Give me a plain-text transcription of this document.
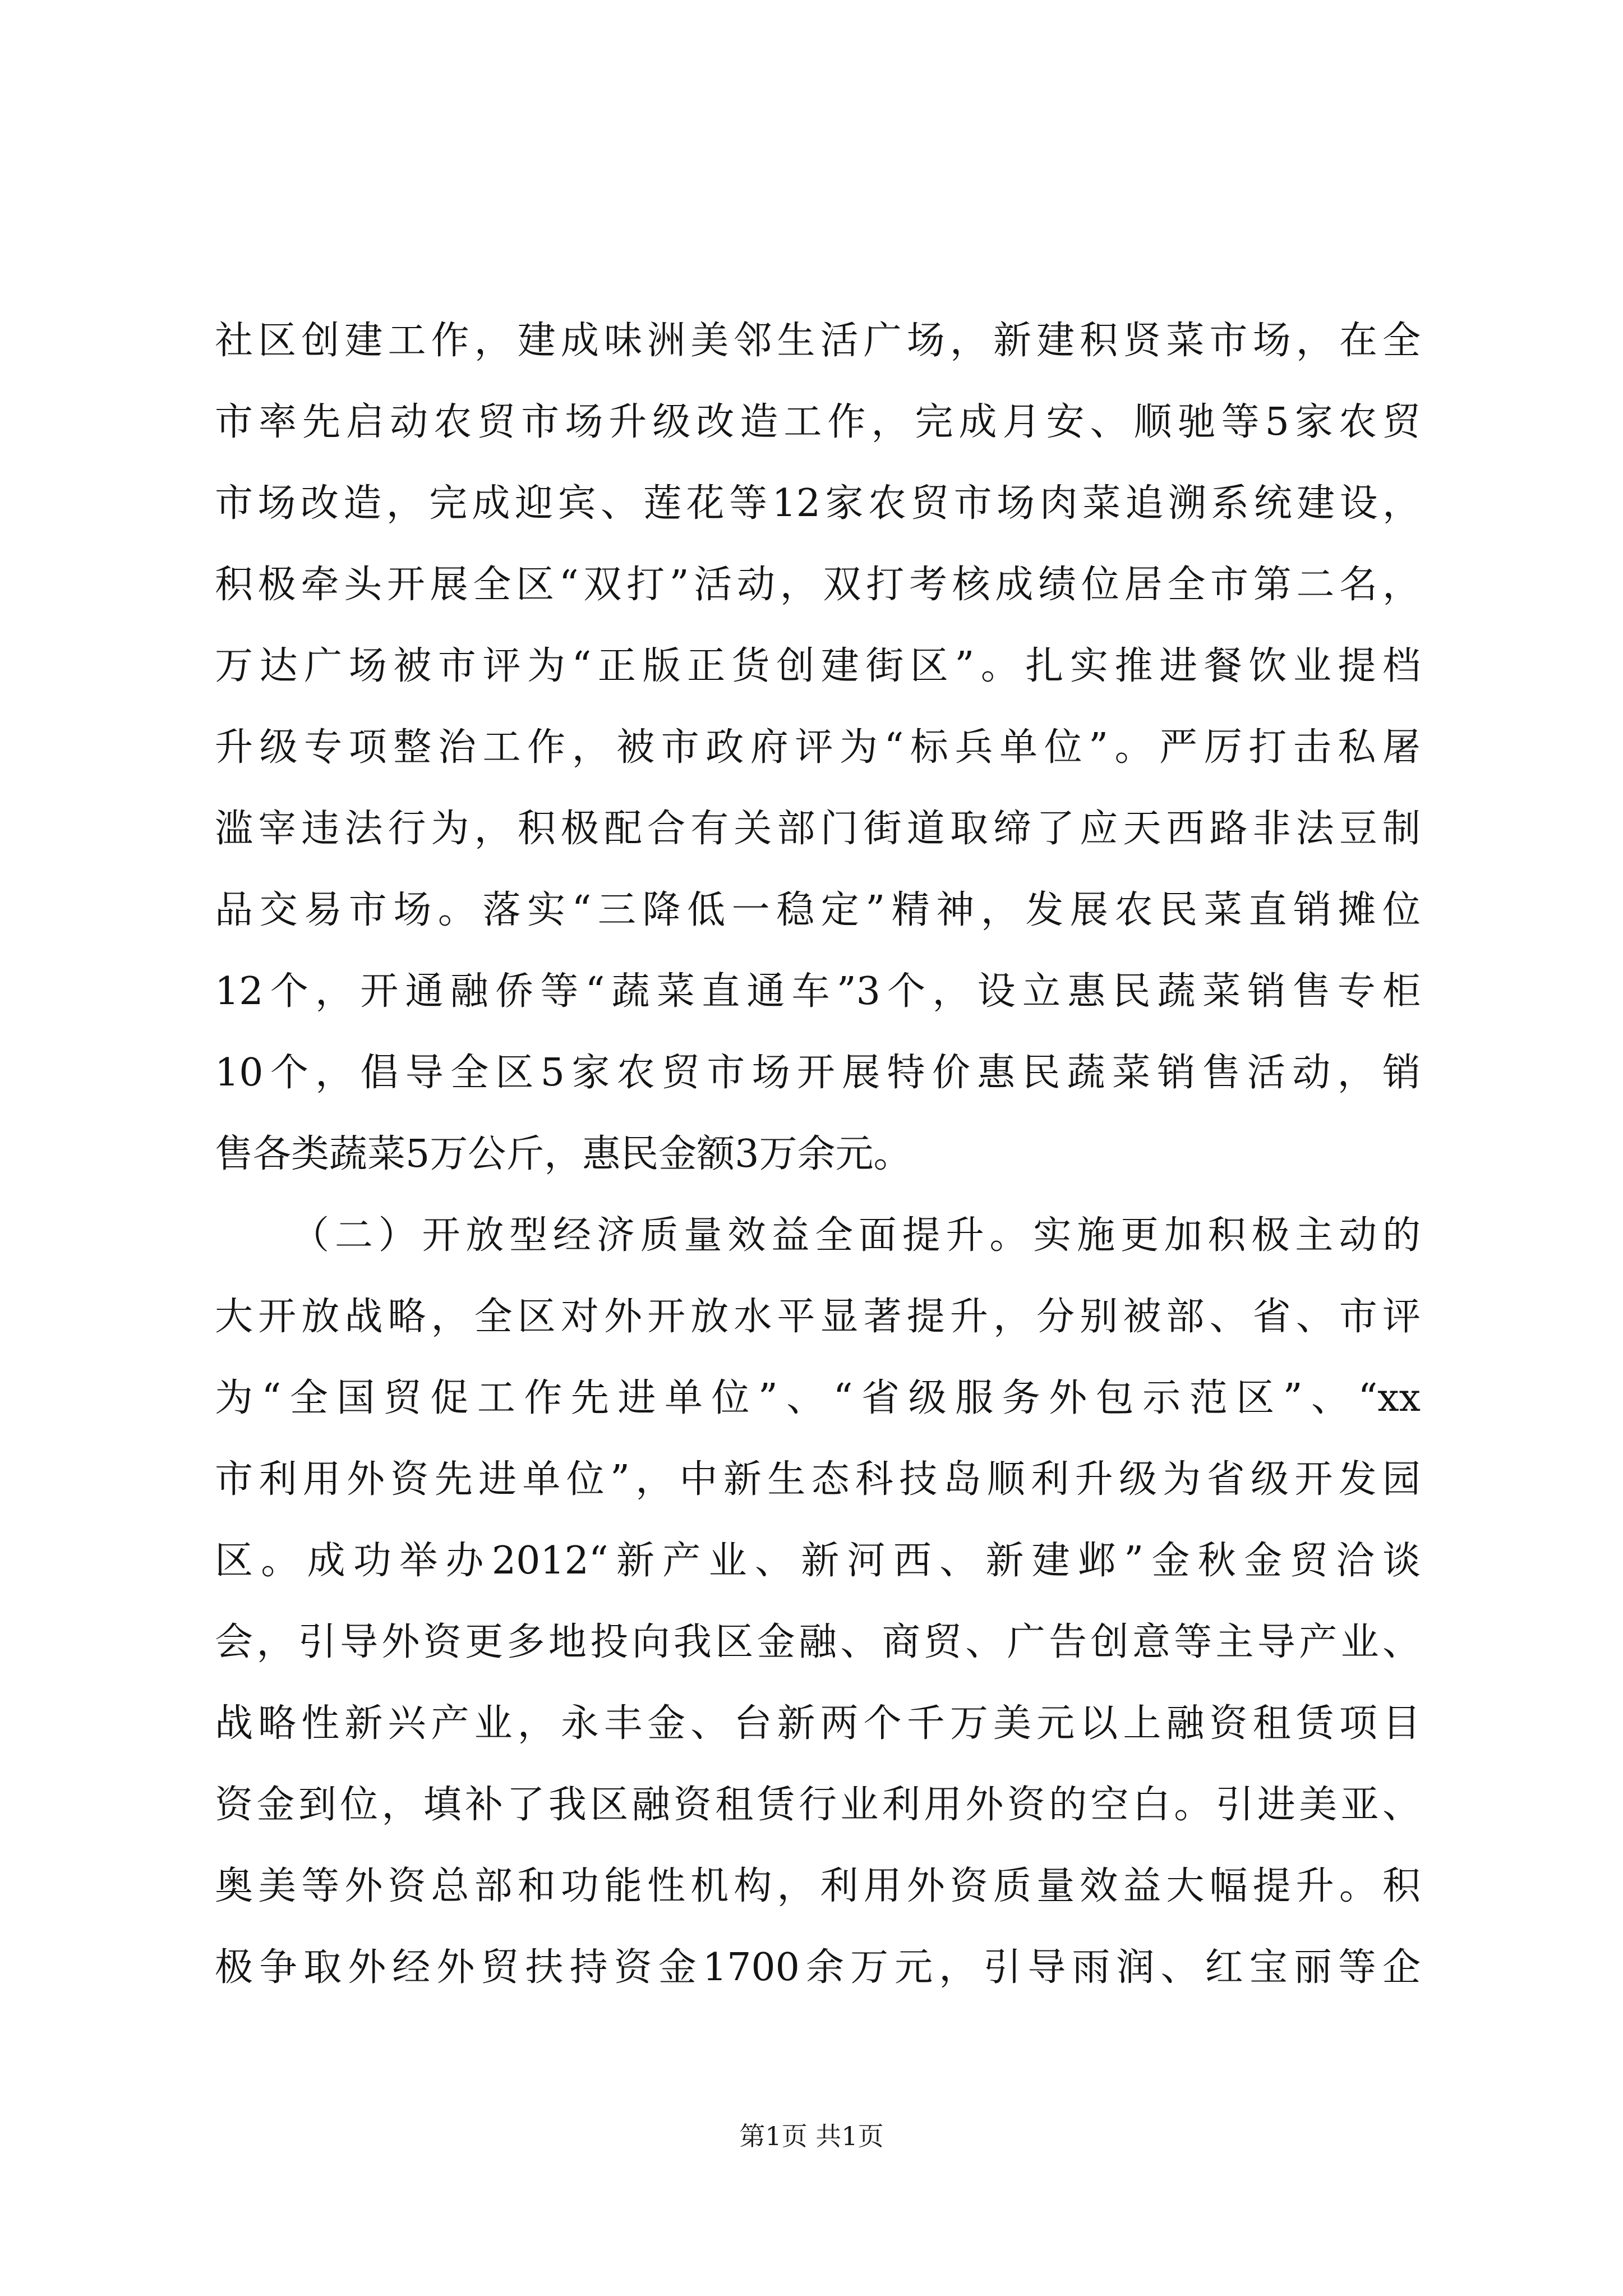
社区创建工作，建成味洲美邻生活广场，新建积贤菜市场，在全
市率先启动农贸市场升级改造工作，完成月安、顺驰等5家农贸
市场改造，完成迎宾、莲花等12家农贸市场肉菜追溯系统建设，
积极牵头开展全区“双打”活动，双打考核成绩位居全市第二名，
万达广场被市评为“正版正货创建街区”。扎实推进餐饮业提档
升级专项整治工作，被市政府评为“标兵单位”。严厉打击私屠
滥宰违法行为，积极配合有关部门街道取缔了应天西路非法豆制
品交易市场。落实“三降低一稳定”精神，发展农民菜直销摊位
12个，开通融侨等“蔬菜直通车”3个，设立惠民蔬菜销售专柜
10个，倡导全区5家农贸市场开展特价惠民蔬菜销售活动，销
售各类蔬菜5万公斤，惠民金额3万余元。
（二）开放型经济质量效益全面提升。实施更加积极主动的
大开放战略，全区对外开放水平显著提升，分别被部、省、市评
为“全国贸促工作先进单位”、“省级服务外包示范区”、“xx
市利用外资先进单位”，中新生态科技岛顺利升级为省级开发园
区。成功举办2012“新产业、新河西、新建邺”金秋金贸洽谈
会，引导外资更多地投向我区金融、商贸、广告创意等主导产业、
战略性新兴产业，永丰金、台新两个千万美元以上融资租赁项目
资金到位，填补了我区融资租赁行业利用外资的空白。引进美亚、
奥美等外资总部和功能性机构，利用外资质量效益大幅提升。积
极争取外经外贸扶持资金1700余万元，引导雨润、红宝丽等企
第1页 共1页
